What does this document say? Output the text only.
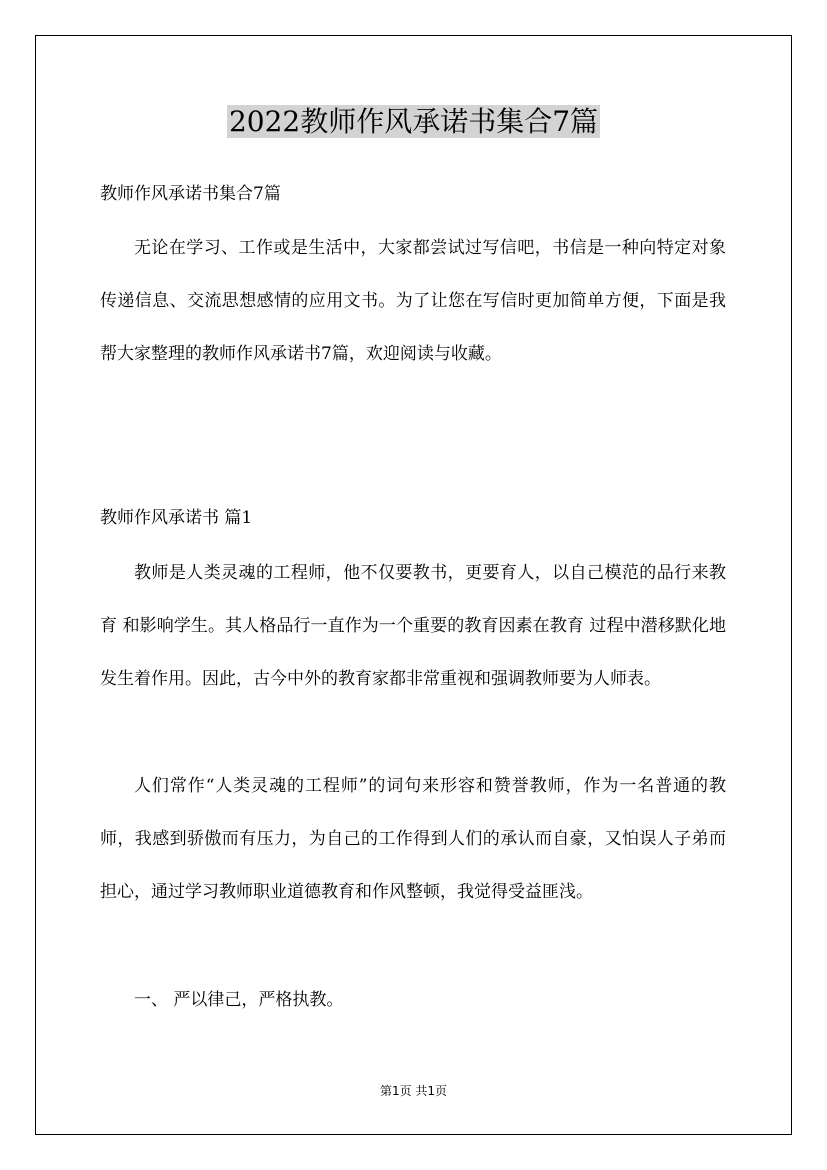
2022教师作风承诺书集合7篇

教师作风承诺书集合7篇

无论在学习、工作或是生活中，大家都尝试过写信吧，书信是一种向特定对象传递信息、交流思想感情的应用文书。为了让您在写信时更加简单方便，下面是我帮大家整理的教师作风承诺书7篇，欢迎阅读与收藏。

教师作风承诺书 篇1

教师是人类灵魂的工程师，他不仅要教书，更要育人，以自己模范的品行来教育 和影响学生。其人格品行一直作为一个重要的教育因素在教育 过程中潜移默化地发生着作用。因此，古今中外的教育家都非常重视和强调教师要为人师表。

人们常作“人类灵魂的工程师”的词句来形容和赞誉教师，作为一名普通的教师，我感到骄傲而有压力，为自己的工作得到人们的承认而自豪，又怕误人子弟而担心，通过学习教师职业道德教育和作风整顿，我觉得受益匪浅。

一、 严以律己，严格执教。

第1页 共1页
